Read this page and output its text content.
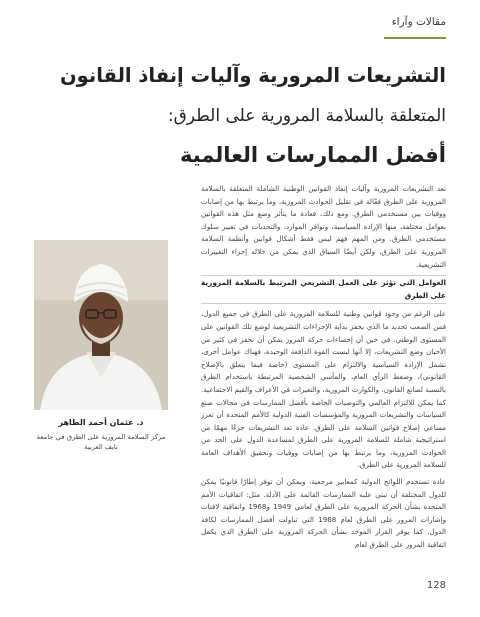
مقالات وآراء
التشريعات المرورية وآليات إنفاذ القانون
المتعلقة بالسلامة المرورية على الطرق:
أفضل الممارسات العالمية

تعد التشريعات المرورية وآليات إنفاذ القوانين الوطنية الشاملة المتعلقة بالسلامة المرورية على الطرق فعّالة في تقليل الحوادث المرورية، وما يرتبط بها من إصابات ووفيات بين مستخدمي الطرق. ومع ذلك، فعادة ما يتأثر وضع مثل هذه القوانين بعوامل مختلفة، منها الإرادة السياسية، وتوافر الموارد، والتحديات في تغيير سلوك مستخدمي الطرق. ومن المهم فهم ليس فقط أشكال قوانين وأنظمة السلامة المرورية على الطرق، ولكن أيضًا السياق الذي يمكن من خلاله إجراء التغييرات التشريعية.

العوامل التي تؤثر على العمل التشريعي المرتبط بالسلامة المرورية على الطرق

على الرغم من وجود قوانين وطنية للسلامة المرورية على الطرق في جميع الدول، فمن الصعب تحديد ما الذي يحفز بداية الإجراءات التشريعية لوضع تلك القوانين على المستوى الوطني. في حين أن إحصاءات حركة المرور يمكن أن تحفز في كثير من الأحيان وضع التشريعات، إلا أنها ليست القوة الدافعة الوحيدة، فهناك عوامل أخرى، تشمل الإرادة السياسية والالتزام على المستوى (خاصة فيما يتعلق بالإصلاح القانوني)، وضغط الرأي العام، والمآسي الشخصية المرتبطة باستخدام الطرق بالنسبة لصانع القانون، والكوارث المرورية، والتغيرات في الأعراف والقيم الاجتماعية. كما يمكن للالتزام العالمي والتوصيات الخاصة بأفضل الممارسات في مجالات صنع السياسات والتشريعات المرورية والمؤسسات الفنية الدولية كالأمم المتحدة أن تعزز مساعي إصلاح قوانين السلامة على الطرق. عادة تعد التشريعات جزءًا مهمًا من استراتيجية شاملة للسلامة المرورية على الطرق لمساعدة الدول على الحد من الحوادث المرورية، وما يرتبط بها من إصابات ووفيات وتحقيق الأهداف العامة للسلامة المرورية على الطرق.

عادة تستخدم اللوائح الدولية كمعايير مرجعية، ويمكن أن توفر إطارًا قانونيًا يمكن للدول المختلفة أن تبني عليه الممارسات القائمة على الأدلة. مثل: اتفاقيات الأمم المتحدة بشأن الحركة المرورية على الطرق لعامي 1949 و1968 واتفاقية لافتات وإشارات المرور على الطرق لعام 1968 التي تناولت أفضل الممارسات لكافة الدول. كما يوفر القرار الموحد بشأن الحركة المرورية على الطرق الذي يكمل اتفاقية المرور على الطرق لعام

د. عثمان أحمد الطاهر
مركز السلامة المرورية على الطرق في جامعة نايف العربية
128
